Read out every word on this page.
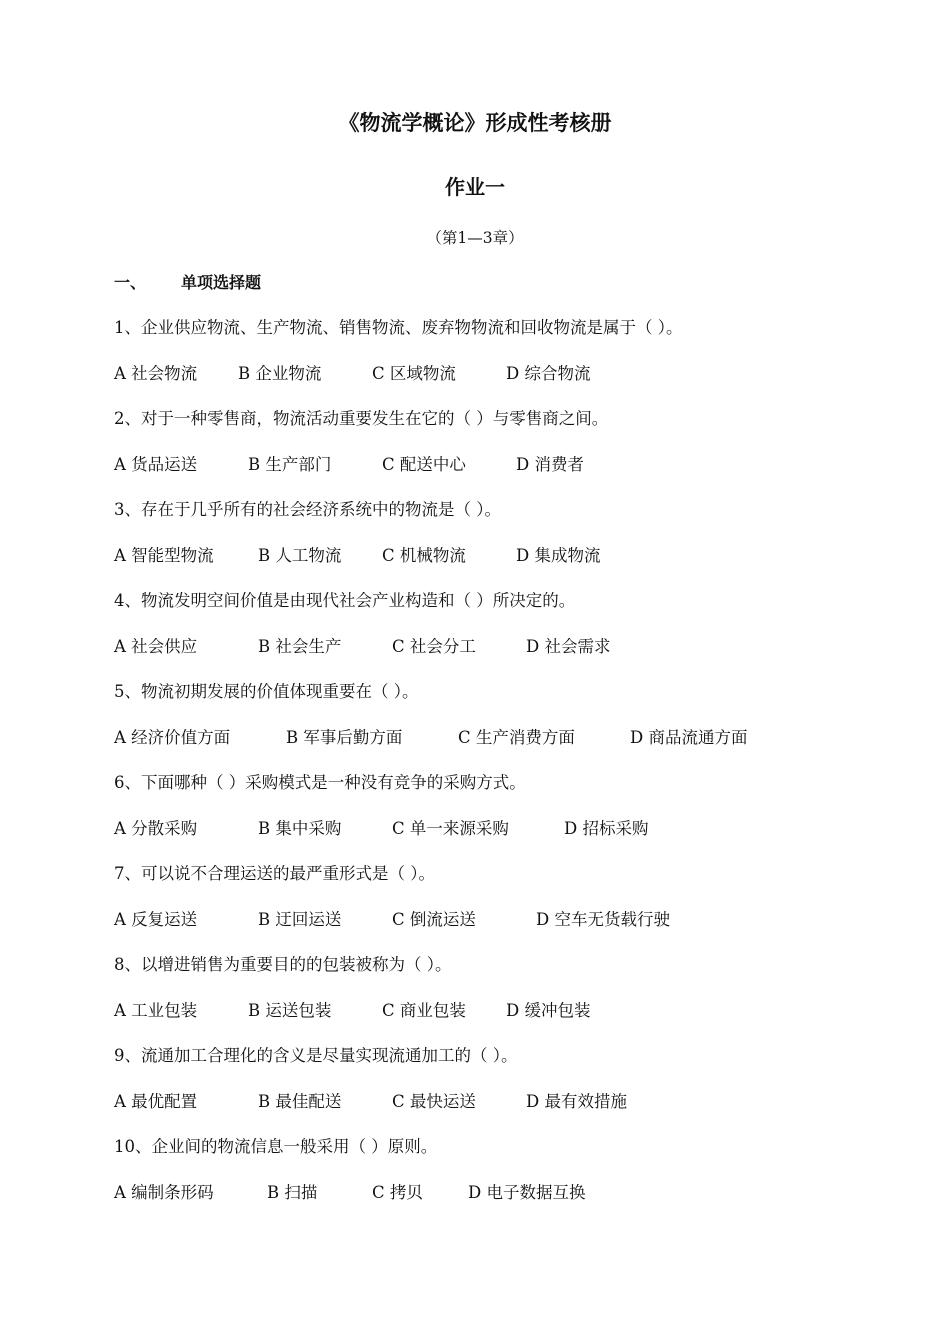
《物流学概论》形成性考核册
作业一
（第1—3章）
一、 单项选择题
1、企业供应物流、生产物流、销售物流、废弃物物流和回收物流是属于（ ）。
A 社会物流 B 企业物流	C 区域物流	D 综合物流
2、对于一种零售商，物流活动重要发生在它的（ ）与零售商之间。
A 货品运送	B 生产部门	C 配送中心	D 消费者
3、存在于几乎所有的社会经济系统中的物流是（ ）。
A 智能型物流	B 人工物流 C 机械物流	D 集成物流
4、物流发明空间价值是由现代社会产业构造和（ ）所决定的。
A 社会供应	B 社会生产	C 社会分工	D 社会需求
5、物流初期发展的价值体现重要在（ ）。
A 经济价值方面	B 军事后勤方面	C 生产消费方面	D 商品流通方面
6、下面哪种（ ）采购模式是一种没有竞争的采购方式。
A 分散采购	B 集中采购	C 单一来源采购	D 招标采购
7、可以说不合理运送的最严重形式是（ ）。
A 反复运送	B 迂回运送	C 倒流运送	D 空车无货载行驶
8、以增进销售为重要目的的包装被称为（ ）。
A 工业包装	B 运送包装	C 商业包装 D 缓冲包装
9、流通加工合理化的含义是尽量实现流通加工的（ ）。
A 最优配置	B 最佳配送	C 最快运送	D 最有效措施
10、企业间的物流信息一般采用（ ）原则。
A 编制条形码	B 扫描	C 拷贝	D 电子数据互换
